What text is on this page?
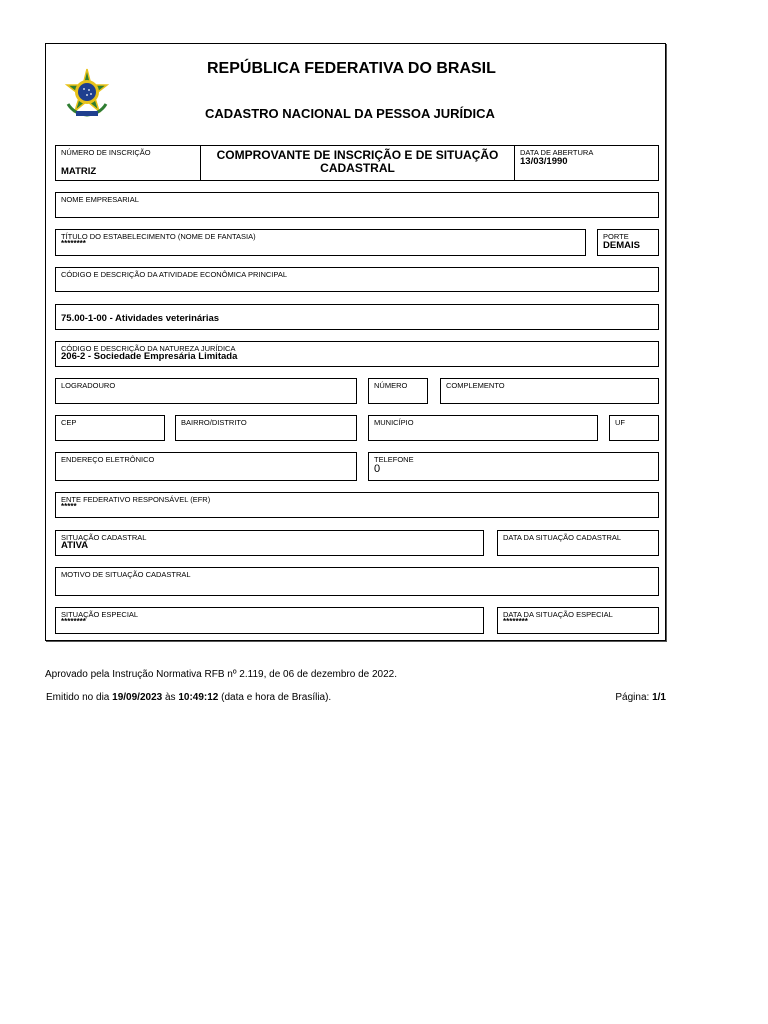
REPÚBLICA FEDERATIVA DO BRASIL
CADASTRO NACIONAL DA PESSOA JURÍDICA
NÚMERO DE INSCRIÇÃO
MATRIZ
COMPROVANTE DE INSCRIÇÃO E DE SITUAÇÃO
CADASTRAL
DATA DE ABERTURA
13/03/1990
NOME EMPRESARIAL
TÍTULO DO ESTABELECIMENTO (NOME DE FANTASIA)
********
PORTE
DEMAIS
CÓDIGO E DESCRIÇÃO DA ATIVIDADE ECONÔMICA PRINCIPAL
75.00-1-00 - Atividades veterinárias
CÓDIGO E DESCRIÇÃO DA NATUREZA JURÍDICA
206-2 - Sociedade Empresária Limitada
LOGRADOURO	NÚMERO	COMPLEMENTO
CEP	BAIRRO/DISTRITO	MUNICÍPIO	UF
ENDEREÇO ELETRÔNICO	TELEFONE
0
ENTE FEDERATIVO RESPONSÁVEL (EFR)
*****
SITUAÇÃO CADASTRAL
ATIVA
DATA DA SITUAÇÃO CADASTRAL
MOTIVO DE SITUAÇÃO CADASTRAL
SITUAÇÃO ESPECIAL
********
DATA DA SITUAÇÃO ESPECIAL
********
Aprovado pela Instrução Normativa RFB nº 2.119, de 06 de dezembro de 2022.
Emitido no dia 19/09/2023 às 10:49:12 (data e hora de Brasília).	Página: 1/1
